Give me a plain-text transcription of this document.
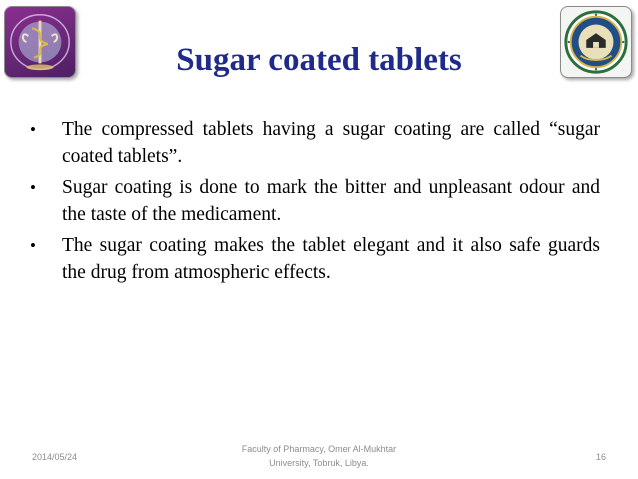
Sugar coated tablets
• The compressed tablets having a sugar coating are called “sugar coated tablets”.
• Sugar coating is done to mark the bitter and unpleasant odour and the taste of the medicament.
• The sugar coating makes the tablet elegant and it also safe guards the drug from atmospheric effects.
2014/05/24
Faculty of Pharmacy, Omer Al-Mukhtar
University, Tobruk, Libya.
16
